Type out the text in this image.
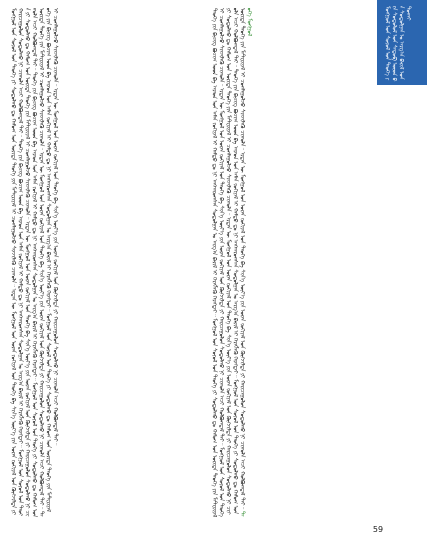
ᠮᠣᠩᠭᠣᠯ ᠤᠨ ᠰᠣᠶᠣᠯ ᠤᠨ ᠲᠡᠦᠬᠡ ᠶᠢ ᠰᠤᠳᠤᠯᠬᠤ ᠳᠤ ᠬᠠᠮᠤᠭ ᠤᠨ ᠤᠷᠢᠳᠠ ᠲᠡᠦᠬᠡ ᠶᠢᠨ ᠮᠠᠲ᠋ᠧᠷᠢᠶᠠᠯ ᠢ ᠴᠤᠭᠯᠠᠭᠤᠯᠵᠤ ᠰᠢᠨᠵᠢᠯᠡᠬᠦ ᠴᠢᠬᠤᠯᠠ᠃ ᠡᠷᠲᠡᠨ ᠦ ᠮᠣᠩᠭᠣᠯ ᠤᠨ ᠤᠷᠠᠨ ᠵᠣᠬᠢᠶᠠᠯ ᠤᠨ ᠲᠡᠦᠬᠡ ᠪᠠ ᠰᠢᠨ᠎ᠡ ᠦᠶ᠎ᠡ ᠶᠢᠨ ᠤᠷᠠᠨ ᠵᠣᠬᠢᠶᠠᠯ ᠤᠨ ᠬᠥᠭᠵᠢᠯᠲᠡ ᠶᠢ ᠬᠠᠷᠢᠴᠠᠭᠤᠯᠤᠨ ᠰᠤᠳᠤᠯᠬᠤ ᠨᠢ ᠴᠢᠬᠤᠯᠠ ᠠᠴᠢ ᠬᠤᠯᠪᠤᠭᠳᠠᠯ ᠲᠠᠢ᠃ ᠲᠡᠦᠬᠡ ᠶᠢᠨ ᠪᠢᠴᠢᠭ ᠪᠣᠴᠢᠭ ᠤᠳ ᠪᠠ ᠠᠷᠠᠳ ᠤᠨ ᠠᠮᠠᠨ ᠵᠣᠬᠢᠶᠠᠯ ᠢ ᠬᠠᠮᠲᠤ ᠳᠤ ᠨᠢ ᠠᠩᠬᠠᠷᠤᠭᠰᠠᠨ ᠰᠤᠳᠤᠯᠭᠠᠨ ᠤ ᠠᠷᠭ᠎ᠠ ᠪᠠᠷᠢᠯ ᠢ ᠬᠡᠷᠡᠭᠯᠡᠬᠦ ᠬᠡᠷᠡᠭᠲᠡᠢ᠃ ᠮᠣᠩᠭᠣᠯ ᠤᠨ ᠰᠣᠶᠣᠯ ᠤᠨ ᠲᠡᠦᠬᠡ ᠶᠢ ᠰᠤᠳᠤᠯᠬᠤ ᠳᠤ ᠬᠠᠮᠤᠭ ᠤᠨ ᠤᠷᠢᠳᠠ ᠲᠡᠦᠬᠡ ᠶᠢᠨ ᠮᠠᠲ᠋ᠧᠷᠢᠶᠠᠯ ᠢ ᠴᠤᠭᠯᠠᠭᠤᠯᠵᠤ ᠰᠢᠨᠵᠢᠯᠡᠬᠦ ᠴᠢᠬᠤᠯᠠ᠃ ᠡᠷᠲᠡᠨ ᠦ ᠮᠣᠩᠭᠣᠯ ᠤᠨ ᠤᠷᠠᠨ ᠵᠣᠬᠢᠶᠠᠯ ᠤᠨ ᠲᠡᠦᠬᠡ ᠪᠠ ᠰᠢᠨ᠎ᠡ ᠦᠶ᠎ᠡ ᠶᠢᠨ ᠤᠷᠠᠨ ᠵᠣᠬᠢᠶᠠᠯ ᠤᠨ ᠬᠥᠭᠵᠢᠯᠲᠡ ᠶᠢ ᠬᠠᠷᠢᠴᠠᠭᠤᠯᠤᠨ ᠰᠤᠳᠤᠯᠬᠤ ᠨᠢ ᠴᠢᠬᠤᠯᠠ ᠠᠴᠢ ᠬᠤᠯᠪᠤᠭᠳᠠᠯ ᠲᠠᠢ᠃ ᠲᠡᠦᠬᠡ ᠶᠢᠨ ᠪᠢᠴᠢᠭ ᠪᠣᠴᠢᠭ ᠤᠳ ᠪᠠ ᠠᠷᠠᠳ ᠤᠨ ᠠᠮᠠᠨ ᠵᠣᠬᠢᠶᠠᠯ ᠢ ᠬᠠᠮᠲᠤ ᠳᠤ ᠨᠢ ᠠᠩᠬᠠᠷᠤᠭᠰᠠᠨ ᠰᠤᠳᠤᠯᠭᠠᠨ ᠤ ᠠᠷᠭ᠎ᠠ ᠪᠠᠷᠢᠯ ᠢ ᠬᠡᠷᠡᠭᠯᠡᠬᠦ ᠬᠡᠷᠡᠭᠲᠡᠢ᠃ ᠮᠣᠩᠭᠣᠯ ᠤᠨ ᠰᠣᠶᠣᠯ ᠤᠨ ᠲᠡᠦᠬᠡ ᠶᠢ ᠰᠤᠳᠤᠯᠬᠤ ᠳᠤ ᠬᠠᠮᠤᠭ ᠤᠨ ᠤᠷᠢᠳᠠ ᠲᠡᠦᠬᠡ ᠶᠢᠨ ᠮᠠᠲ᠋ᠧᠷᠢᠶᠠᠯ ᠢ ᠴᠤᠭᠯᠠᠭᠤᠯᠵᠤ ᠰᠢᠨᠵᠢᠯᠡᠬᠦ ᠴᠢᠬᠤᠯᠠ᠃ ᠡᠷᠲᠡᠨ ᠦ ᠮᠣᠩᠭᠣᠯ ᠤᠨ ᠤᠷᠠᠨ ᠵᠣᠬᠢᠶᠠᠯ ᠤᠨ ᠲᠡᠦᠬᠡ ᠪᠠ ᠰᠢᠨ᠎ᠡ ᠦᠶ᠎ᠡ ᠶᠢᠨ ᠤᠷᠠᠨ ᠵᠣᠬᠢᠶᠠᠯ ᠤᠨ ᠬᠥᠭᠵᠢᠯᠲᠡ ᠶᠢ ᠬᠠᠷᠢᠴᠠᠭᠤᠯᠤᠨ ᠰᠤᠳᠤᠯᠬᠤ ᠨᠢ ᠴᠢᠬᠤᠯᠠ ᠠᠴᠢ ᠬᠤᠯᠪᠤᠭᠳᠠᠯ ᠲᠠᠢ᠃ ᠲᠡᠦᠬᠡ ᠶᠢᠨ ᠪᠢᠴᠢᠭ ᠪᠣᠴᠢᠭ ᠤᠳ ᠪᠠ ᠠᠷᠠᠳ ᠤᠨ ᠠᠮᠠᠨ ᠵᠣᠬᠢᠶᠠᠯ ᠢ ᠬᠠᠮᠲᠤ ᠳᠤ ᠨᠢ ᠠᠩᠬᠠᠷᠤᠭᠰᠠᠨ ᠰᠤᠳᠤᠯᠭᠠᠨ ᠤ ᠠᠷᠭ᠎ᠠ ᠪᠠᠷᠢᠯ ᠢ ᠬᠡᠷᠡᠭᠯᠡᠬᠦ ᠬᠡᠷᠡᠭᠲᠡᠢ᠃ ᠮᠣᠩᠭᠣᠯ ᠤᠨ ᠰᠣᠶᠣᠯ ᠤᠨ ᠲᠡᠦᠬᠡ ᠶᠢ ᠰᠤᠳᠤᠯᠬᠤ ᠳᠤ ᠬᠠᠮᠤᠭ ᠤᠨ ᠤᠷᠢᠳᠠ ᠲᠡᠦᠬᠡ ᠶᠢᠨ ᠮᠠᠲ᠋ᠧᠷᠢᠶᠠᠯ ᠢ ᠴᠤᠭᠯᠠᠭᠤᠯᠵᠤ ᠰᠢᠨᠵᠢᠯᠡᠬᠦ ᠴᠢᠬᠤᠯᠠ᠃ ᠡᠷᠲᠡᠨ ᠦ ᠮᠣᠩᠭᠣᠯ ᠤᠨ ᠤᠷᠠᠨ ᠵᠣᠬᠢᠶᠠᠯ ᠤᠨ ᠲᠡᠦᠬᠡ ᠪᠠ ᠰᠢᠨ᠎ᠡ ᠦᠶ᠎ᠡ ᠶᠢᠨ ᠤᠷᠠᠨ ᠵᠣᠬᠢᠶᠠᠯ ᠤᠨ ᠬᠥᠭᠵᠢᠯᠲᠡ ᠶᠢ ᠬᠠᠷᠢᠴᠠᠭᠤᠯᠤᠨ ᠰᠤᠳᠤᠯᠬᠤ ᠨᠢ ᠴᠢᠬᠤᠯᠠ ᠠᠴᠢ ᠬᠤᠯᠪᠤᠭᠳᠠᠯ ᠲᠠᠢ᠃	ᠲᠡᠦᠬᠡ ᠶᠢᠨ ᠪᠢᠴᠢᠭ ᠪᠣᠴᠢᠭ ᠤᠳ ᠪᠠ ᠠᠷᠠᠳ ᠤᠨ ᠠᠮᠠᠨ ᠵᠣᠬᠢᠶᠠᠯ ᠢ ᠬᠠᠮᠲᠤ ᠳᠤ ᠨᠢ ᠠᠩᠬᠠᠷᠤᠭᠰᠠᠨ ᠰᠤᠳᠤᠯᠭᠠᠨ ᠤ ᠠᠷᠭ᠎ᠠ ᠪᠠᠷᠢᠯ ᠢ ᠬᠡᠷᠡᠭᠯᠡᠬᠦ ᠬᠡᠷᠡᠭᠲᠡᠢ᠃ ᠮᠣᠩᠭᠣᠯ ᠤᠨ ᠰᠣᠶᠣᠯ ᠤᠨ ᠲᠡᠦᠬᠡ ᠶᠢ ᠰᠤᠳᠤᠯᠬᠤ ᠳᠤ ᠬᠠᠮᠤᠭ ᠤᠨ ᠤᠷᠢᠳᠠ ᠲᠡᠦᠬᠡ ᠶᠢᠨ ᠮᠠᠲ᠋ᠧᠷᠢᠶᠠᠯ ᠢ ᠴᠤᠭᠯᠠᠭᠤᠯᠵᠤ ᠰᠢᠨᠵᠢᠯᠡᠬᠦ ᠴᠢᠬᠤᠯᠠ᠃ ᠡᠷᠲᠡᠨ ᠦ ᠮᠣᠩᠭᠣᠯ ᠤᠨ ᠤᠷᠠᠨ ᠵᠣᠬᠢᠶᠠᠯ ᠤᠨ ᠲᠡᠦᠬᠡ ᠪᠠ ᠰᠢᠨ᠎ᠡ ᠦᠶ᠎ᠡ ᠶᠢᠨ ᠤᠷᠠᠨ ᠵᠣᠬᠢᠶᠠᠯ ᠤᠨ ᠬᠥᠭᠵᠢᠯᠲᠡ ᠶᠢ ᠬᠠᠷᠢᠴᠠᠭᠤᠯᠤᠨ ᠰᠤᠳᠤᠯᠬᠤ ᠨᠢ ᠴᠢᠬᠤᠯᠠ ᠠᠴᠢ ᠬᠤᠯᠪᠤᠭᠳᠠᠯ ᠲᠠᠢ᠃ ᠮᠣᠩᠭᠣᠯ ᠤᠨ ᠰᠣᠶᠣᠯ ᠤᠨ ᠲᠡᠦᠬᠡ ᠶᠢ ᠰᠤᠳᠤᠯᠬᠤ ᠳᠤ ᠬᠠᠮᠤᠭ ᠤᠨ ᠤᠷᠢᠳᠠ ᠲᠡᠦᠬᠡ ᠶᠢᠨ ᠮᠠᠲ᠋ᠧᠷᠢᠶᠠᠯ ᠢ ᠴᠤᠭᠯᠠᠭᠤᠯᠵᠤ ᠰᠢᠨᠵᠢᠯᠡᠬᠦ ᠴᠢᠬᠤᠯᠠ᠃ ᠡᠷᠲᠡᠨ ᠦ ᠮᠣᠩᠭᠣᠯ ᠤᠨ ᠤᠷᠠᠨ ᠵᠣᠬᠢᠶᠠᠯ ᠤᠨ ᠲᠡᠦᠬᠡ ᠪᠠ ᠰᠢᠨ᠎ᠡ ᠦᠶ᠎ᠡ ᠶᠢᠨ ᠤᠷᠠᠨ ᠵᠣᠬᠢᠶᠠᠯ ᠤᠨ ᠬᠥᠭᠵᠢᠯᠲᠡ ᠶᠢ ᠬᠠᠷᠢᠴᠠᠭᠤᠯᠤᠨ ᠰᠤᠳᠤᠯᠬᠤ ᠨᠢ ᠴᠢᠬᠤᠯᠠ ᠠᠴᠢ ᠬᠤᠯᠪᠤᠭᠳᠠᠯ ᠲᠠᠢ᠃ ᠲᠡᠦᠬᠡ ᠶᠢᠨ ᠪᠢᠴᠢᠭ ᠪᠣᠴᠢᠭ ᠤᠳ ᠪᠠ ᠠᠷᠠᠳ ᠤᠨ ᠠᠮᠠᠨ ᠵᠣᠬᠢᠶᠠᠯ ᠢ ᠬᠠᠮᠲᠤ ᠳᠤ ᠨᠢ ᠠᠩᠬᠠᠷᠤᠭᠰᠠᠨ ᠰᠤᠳᠤᠯᠭᠠᠨ ᠤ ᠠᠷᠭ᠎ᠠ ᠪᠠᠷᠢᠯ ᠢ ᠬᠡᠷᠡᠭᠯᠡᠬᠦ ᠬᠡᠷᠡᠭᠲᠡᠢ᠃ ᠮᠣᠩᠭᠣᠯ ᠤᠨ ᠰᠣᠶᠣᠯ ᠤᠨ ᠲᠡᠦᠬᠡ ᠶᠢ ᠰᠤᠳᠤᠯᠬᠤ ᠳᠤ ᠬᠠᠮᠤᠭ ᠤᠨ ᠤᠷᠢᠳᠠ ᠲᠡᠦᠬᠡ ᠶᠢᠨ ᠮᠠᠲ᠋ᠧᠷᠢᠶᠠᠯ ᠢ ᠴᠤᠭᠯᠠᠭᠤᠯᠵᠤ ᠰᠢᠨᠵᠢᠯᠡᠬᠦ ᠴᠢᠬᠤᠯᠠ᠃ ᠡᠷᠲᠡᠨ ᠦ ᠮᠣᠩᠭᠣᠯ ᠤᠨ ᠤᠷᠠᠨ ᠵᠣᠬᠢᠶᠠᠯ ᠤᠨ ᠲᠡᠦᠬᠡ ᠪᠠ ᠰᠢᠨ᠎ᠡ ᠦᠶ᠎ᠡ ᠶᠢᠨ ᠤᠷᠠᠨ ᠵᠣᠬᠢᠶᠠᠯ ᠤᠨ ᠬᠥᠭᠵᠢᠯᠲᠡ ᠶᠢ ᠬᠠᠷᠢᠴᠠᠭᠤᠯᠤᠨ ᠰᠤᠳᠤᠯᠬᠤ ᠨᠢ ᠴᠢᠬᠤᠯᠠ ᠠᠴᠢ ᠬᠤᠯᠪᠤᠭᠳᠠᠯ ᠲᠠᠢ᠃ ᠲᠡᠦᠬᠡ ᠮᠣᠩᠭᠣᠯ	ᠮᠣᠩᠭᠣᠯ ᠤᠨ ᠰᠣᠶᠣᠯ ᠤᠨ ᠲᠡᠦᠬᠡ ᠶᠢᠨ ᠰᠤᠳᠤᠯᠤᠯ ᠤᠨ ᠰᠡᠳᠦᠪ ᠦᠳ ᠪᠠ ᠰᠤᠳᠤᠯᠭᠠᠨ ᠤ ᠠᠷᠭ᠎ᠠ ᠪᠠᠷᠢᠯ ᠤᠨ ᠲᠤᠬᠠᠢ
59
